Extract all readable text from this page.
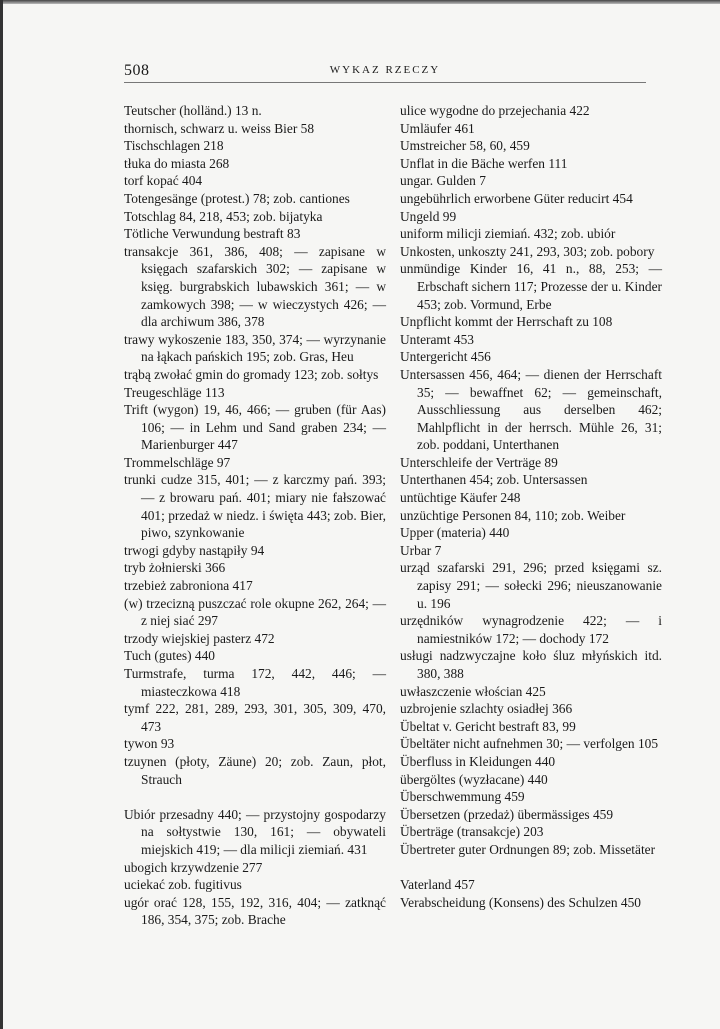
508	WYKAZ RZECZY
Teutscher (holländ.) 13 n.
thornisch, schwarz u. weiss Bier 58
Tischschlagen 218
tłuka do miasta 268
torf kopać 404
Totengesänge (protest.) 78; zob. cantiones
Totschlag 84, 218, 453; zob. bijatyka
Tötliche Verwundung bestraft 83
transakcje 361, 386, 408; — zapisane w księgach szafarskich 302; — zapisane w księg. burgrabskich lubawskich 361; — w zamkowych 398; — w wieczystych 426; — dla archiwum 386, 378
trawy wykoszenie 183, 350, 374; — wyrzynanie na łąkach pańskich 195; zob. Gras, Heu
trąbą zwołać gmin do gromady 123; zob. sołtys
Treugeschläge 113
Trift (wygon) 19, 46, 466; — gruben (für Aas) 106; — in Lehm und Sand graben 234; — Marienburger 447
Trommelschläge 97
trunki cudze 315, 401; — z karczmy pań. 393; — z browaru pań. 401; miary nie fałszować 401; przedaż w niedz. i święta 443; zob. Bier, piwo, szynkowanie
trwogi gdyby nastąpiły 94
tryb żołnierski 366
trzebież zabroniona 417
(w) trzecizną puszczać role okupne 262, 264; — z niej siać 297
trzody wiejskiej pasterz 472
Tuch (gutes) 440
Turmstrafe, turma 172, 442, 446; — miasteczkowa 418
tymf 222, 281, 289, 293, 301, 305, 309, 470, 473
tywon 93
tzuynen (płoty, Zäune) 20; zob. Zaun, płot, Strauch
Ubiór przesadny 440; — przystojny gospodarzy na sołtystwie 130, 161; — obywateli miejskich 419; — dla milicji ziemiań. 431
ubogich krzywdzenie 277
uciekać zob. fugitivus
ugór orać 128, 155, 192, 316, 404; — zatknąć 186, 354, 375; zob. Brache
ulice wygodne do przejechania 422
Umläufer 461
Umstreicher 58, 60, 459
Unflat in die Bäche werfen 111
ungar. Gulden 7
ungebührlich erworbene Güter reducirt 454
Ungeld 99
uniform milicji ziemiań. 432; zob. ubiór
Unkosten, unkoszty 241, 293, 303; zob. pobory
unmündige Kinder 16, 41 n., 88, 253; — Erbschaft sichern 117; Prozesse der u. Kinder 453; zob. Vormund, Erbe
Unpflicht kommt der Herrschaft zu 108
Unteramt 453
Untergericht 456
Untersassen 456, 464; — dienen der Herrschaft 35; — bewaffnet 62; — gemeinschaft, Ausschliessung aus derselben 462; Mahlpflicht in der herrsch. Mühle 26, 31; zob. poddani, Unterthanen
Unterschleife der Verträge 89
Unterthanen 454; zob. Untersassen
untüchtige Käufer 248
unzüchtige Personen 84, 110; zob. Weiber
Upper (materia) 440
Urbar 7
urząd szafarski 291, 296; przed księgami sz. zapisy 291; — sołecki 296; nieuszanowanie u. 196
urzędników wynagrodzenie 422; — i namiestników 172; — dochody 172
usługi nadzwyczajne koło śluz młyńskich itd. 380, 388
uwłaszczenie włościan 425
uzbrojenie szlachty osiadłej 366
Übeltat v. Gericht bestraft 83, 99
Übeltäter nicht aufnehmen 30; — verfolgen 105
Überfluss in Kleidungen 440
übergöltes (wyzłacane) 440
Überschwemmung 459
Übersetzen (przedaż) übermässiges 459
Überträge (transakcje) 203
Übertreter guter Ordnungen 89; zob. Missetäter
Vaterland 457
Verabscheidung (Konsens) des Schulzen 450
